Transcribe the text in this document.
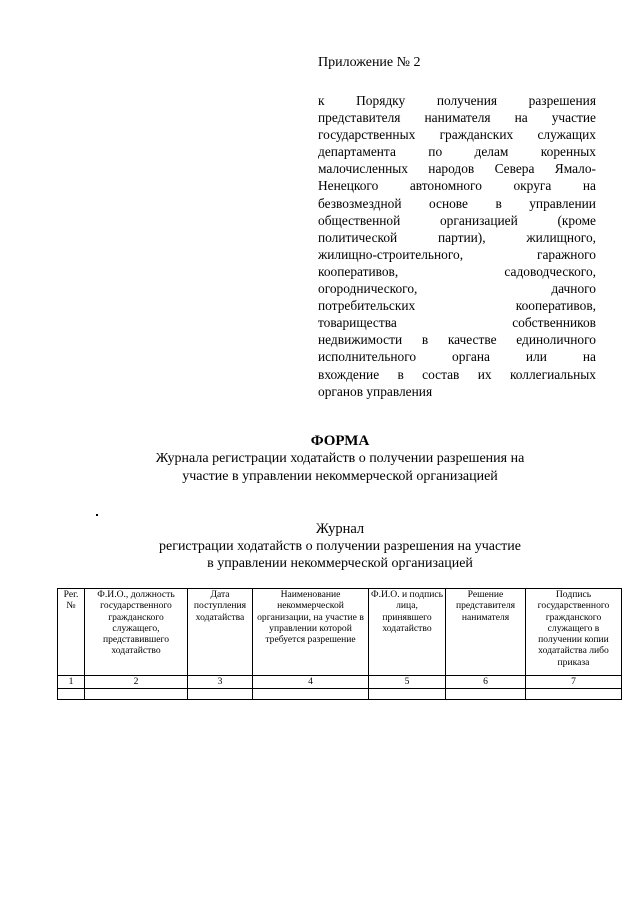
Приложение № 2
к Порядку получения разрешения
представителя нанимателя на участие
государственных гражданских служащих
департамента по делам коренных
малочисленных народов Севера Ямало-
Ненецкого автономного округа на
безвозмездной основе в управлении
общественной	организацией	(кроме
политической	партии),	жилищного,
жилищно-строительного,	гаражного
кооперативов,	садоводческого,
огороднического,	дачного
потребительских	кооперативов,
товарищества	собственников
недвижимости в качестве единоличного
исполнительного	органа	или	на
вхождение в состав их коллегиальных
органов управления
ФОРМА
Журнала регистрации ходатайств о получении разрешения на
участие в управлении некоммерческой организацией
Журнал
регистрации ходатайств о получении разрешения на участие
в управлении некоммерческой организацией
Рег. №	Ф.И.О., должность государственного гражданского служащего, представившего ходатайство	Дата поступления ходатайства	Наименование некоммерческой организации, на участие в управлении которой требуется разрешение	Ф.И.О. и подпись лица, принявшего ходатайство	Решение представителя нанимателя	Подпись государственного гражданского служащего в получении копии ходатайства либо приказа
1	2	3	4	5	6	7
